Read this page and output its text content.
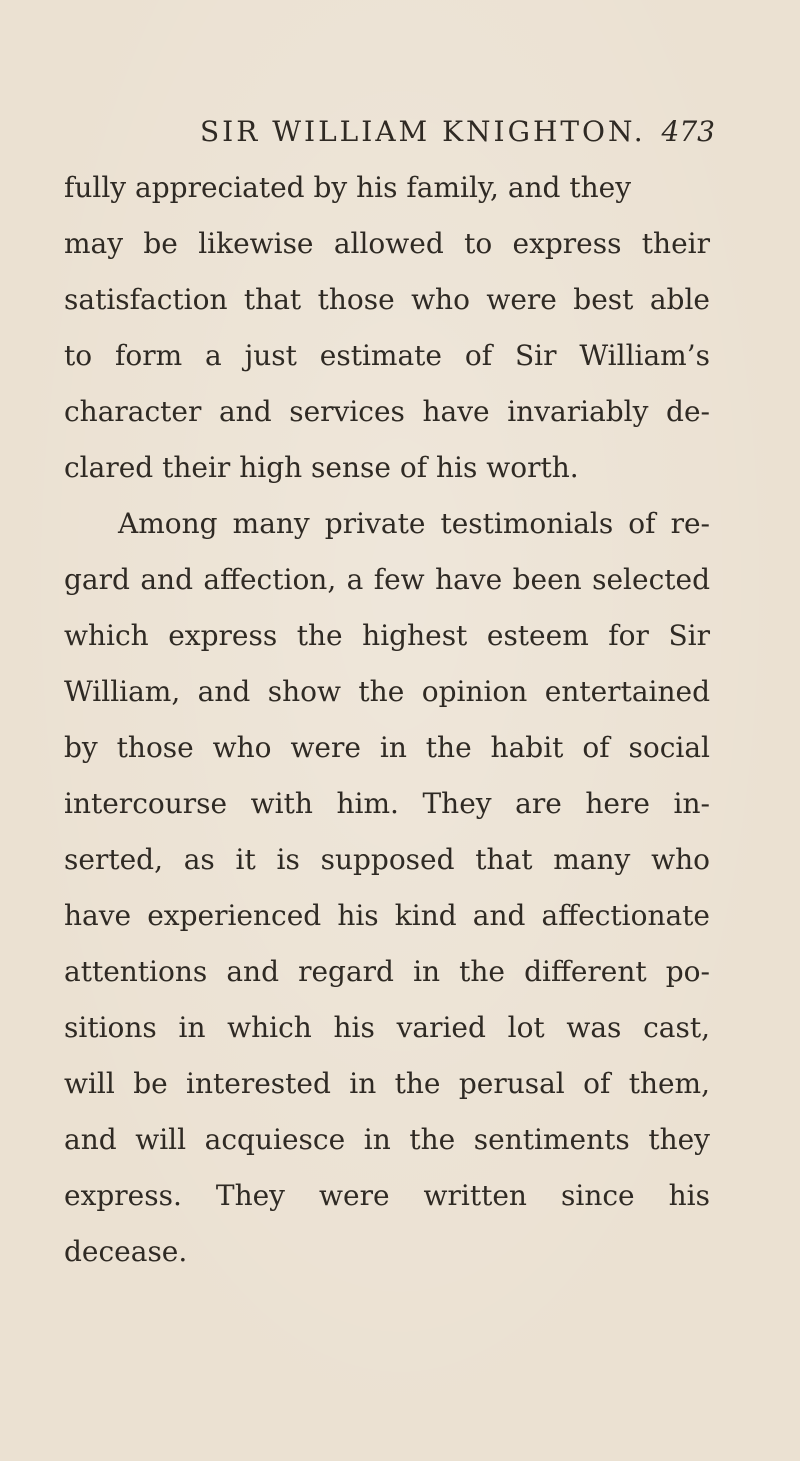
SIR WILLIAM KNIGHTON. 473
fully appreciated by his family, and they
may be likewise allowed to express their
satisfaction that those who were best able
to form a just estimate of Sir William’s
character and services have invariably de-
clared their high sense of his worth.
Among many private testimonials of re-
gard and affection, a few have been selected
which express the highest esteem for Sir
William, and show the opinion entertained
by those who were in the habit of social
intercourse with him. They are here in-
serted, as it is supposed that many who
have experienced his kind and affectionate
attentions and regard in the different po-
sitions in which his varied lot was cast,
will be interested in the perusal of them,
and will acquiesce in the sentiments they
express. They were written since his
decease.
